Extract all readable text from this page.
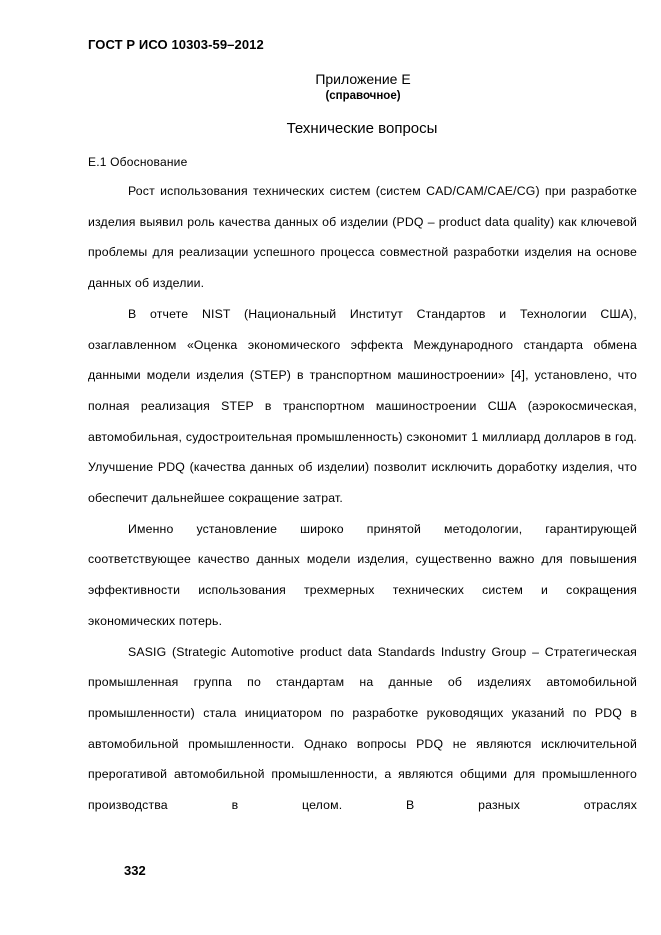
ГОСТ Р ИСО 10303-59–2012
Приложение Е
(справочное)
Технические вопросы
Е.1 Обоснование

Рост использования технических систем (систем CAD/CAM/CAE/CG) при разработке изделия выявил роль качества данных об изделии (PDQ – product data quality) как ключевой проблемы для реализации успешного процесса совместной разработки изделия на основе данных об изделии.

В отчете NIST (Национальный Институт Стандартов и Технологии США), озаглавленном «Оценка экономического эффекта Международного стандарта обмена данными модели изделия (STEP) в транспортном машиностроении» [4], установлено, что полная реализация STEP в транспортном машиностроении США (аэрокосмическая, автомобильная, судостроительная промышленность) сэкономит 1 миллиард долларов в год. Улучшение PDQ (качества данных об изделии) позволит исключить доработку изделия, что обеспечит дальнейшее сокращение затрат.

Именно установление широко принятой методологии, гарантирующей соответствующее качество данных модели изделия, существенно важно для повышения эффективности использования трехмерных технических систем и сокращения экономических потерь.

SASIG (Strategic Automotive product data Standards Industry Group – Стратегическая промышленная группа по стандартам на данные об изделиях автомобильной промышленности) стала инициатором по разработке руководящих указаний по PDQ в автомобильной промышленности. Однако вопросы PDQ не являются исключительной прерогативой автомобильной промышленности, а являются общими для промышленного производства в целом. В разных отраслях

332
